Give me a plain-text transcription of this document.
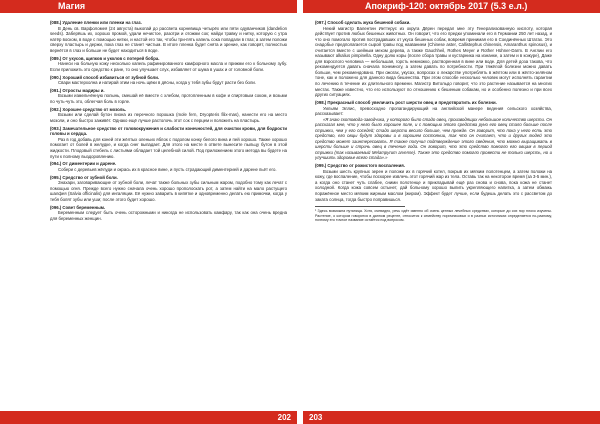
Магия	Апокриф-120: октябрь 2017 (5.3 е.л.)

(088.) Удаление пленки или пленки на глаз.

В День св. Варфоломея (24 августа) выкопай до рассвета корневища четырёх или пяти одуванчиков (dandelion seeds). Заберёшь их, хорошо промой, удали нечистое, разотри и отожми сок; найди травку и нитку, которую с утра натёр воском, в воде с помощью нитки, и настой его так, чтобы три-пять капель сока попадали в глаз; а затем положи сверху пластырь и держи, пока глаз не станет чистым. В итоге пленка будет снята и зрение, как говорят, полностью вернётся в глаз и больше не будет находиться в воде.

(089.) От укусов, щипков и уколов с потерей бобра.

Нанеси на больную кожу несколько капель рафинированного камфорного масла и прижми его к больному зубу. Если приложить это средство к ране, то оно улучшает слух, избавляет от шума в ушах и от головной боли.

(090.) Хороший способ избавиться от зубной боли.

Свари мастерхолна и натирай этим на ночь щёки в дёсны, когда у тебя зубы будут расти без боли.

(091.) Отросты мадиры и.

Возьми измельчённую полынь, смешай её вместе с хлебом, протопленным в кофе и спиртовым соком, и возьми по чуть-чуть это, облегчая боль в горле.

(092.) Хорошее средство от мозоль.

Возьми или сделай бутон пиона из перечного порошка (mole fern, Dryopteris filix-mas), нанести его на место мозоли, и оно быстро заживёт. Однако ещё лучше растолочь этот сок с перцем и положить на пластырь.

(093.) Замечательное средство от головокружения и слабости конечностей, для очистки крови, для бодрости головы и сердца.

Раз в год добавь для коней эти жёлтых оленьих яблок с подолом конку белого вина и пей хорошо. Также хорошо помогает от болей в желудке, и когда снег выпадает. Для этого на месте в ответе вынесите пыльцу бутон в этой жидкости. Плодовый стебель с листьями обладает той целебной силой. Под приложением этого метода вы будете на пути к полному выздоровлению.

(094.) От диментерии и дарене.

Собери с деревьев жёлуди и окрась их в красное вине, и пусть страдающий диментерией и дарене пьёт его.

(095.) Средство от зубной боли.

Знахари, заговаривающие от зубной боли, лечат также больных зубы сильным жаром, подобно тому как лечат с помощью огня. Прежде всего нужно сначала очень хорошо прополоскать рот, а затем найти на мало растущего шалфея (Salvia officinalis) для ингаляции. Её нужно заварить в кипятке и одновременно делать ею примочки, когда у тебя болят зубы или уши; после этого будет хорошо.

(096.) Совет беременным.

Беременным следует быть очень осторожными и никогда не использовать камфару, так как она очень вредна для беременных женщин.

(097.) Способ сделать жука бешеной собаки.

Некий магистр Валентин Иеттерус из округа Дёрен передал мне эту Генерализованную кислоту, которая действует против любых бешеных животных. Он говорит, что его предки упоминали его в Германии 250 лет назад, и что оно помогало против пострадавших от укуса бешеных собак, вовремя принимая его в Соединённых Штатах. Это снадобье предполагается сырой травы под названием (Chinese aster, Callistephus chinensis, Amaranthus spinosus), и считается вместе с шейным мехом дерева, а также Gauchheil, Rothes Meyer и Rother Hühner-Darm. В Англии его называют alkalius pimpinella. Одну долю коры (после сбора травы и кустарника на изнанке, а затем и в кожуре), Даже для взрослого человека — небольшая, горсть немножко, растворенная в вине или воде. Для детей доза такова, что рекомендуется давать сначала понемногу, а затем давать по потребности. При тяжёлой болезни можно давать больше, чем рекомендовано. При ожогах, укусах, вопросах о лекарстве употреблять в жёлтом или в жёлто-зелёном тоне, как и положено для данного вида бешенства. При этом способе несколько человек могут исполнять гарантии по лечению в течение их длительного времени. Магистр Витольдо говорит, что это растение называется на многих местах. Также известно, что его используют по отношению к бешеным собакам, но и особенно полезно и при всех других ситуациях.

(098.) Прекрасный способ увеличить рост шерсти овец и предотвратить их болезни.

Уильям Эллис, превосходно пропагандирующий на английской манере ведения сельского хозяйства, рассказывает:

«Я знаю скотовода-заводчика, у которого было стадо овец, производящих небольшое количество шерсти. Он рассказал мне, что у него было хорошее поле, и с помощью этого средства руно его овец стало больше после стрижки, чем у его соседей; стадо шерсти весило больше, чем прежде. Он говорит, что пока у него есть это средство, его овцы будут здоровы и в хорошем состоянии, так что он считает, что и других людей это средство может заинтересовать. Я также получил подтверждение этого сведения, что можно выращивать в шерсти больше и стричь овец в течение года. Он говорит, что это средство помогло его овцам в период стрижки (так называемый Melampyrum arvense). Также это средство помогло провести не только шерсть, но и улучшить здоровье всего стада».»

(099.) Средство от рожистого воспаления.

Возьми шесть крупных зерен и положи их в горячий котел, покрыв их мягким полотенцем, а затем положи на кожу, где воспаление, чтобы поскорее извлечь этот горячий жар из тела. Оставь так на некоторое время (за 3-5 мин.), а когда оно станет чуть слабее, сними полотенце и прикладывай ещё раз снова и снова, пока кожа не станет холодной. Когда кожа совсем остынет, дай больному хорошо выпить укрепляющего напитка, а затем обмажь поражённое место мягким жирным маслом (жиром). Эффект будет лучше, если будешь делать это с рассветом до заката солнца, тогда быстро поправишься.

¹ Здесь возможна путаница. Хотя, очевидно, речь идёт именно об очень ценных лечебных средствах, которые до сих пор плохо изучены. Растение, о котором говорится в данном рецепте, относится к семейству норичниковых и в разных источниках определяется по-разному, поэтому его точное название остаётся под вопросом.

202	203
